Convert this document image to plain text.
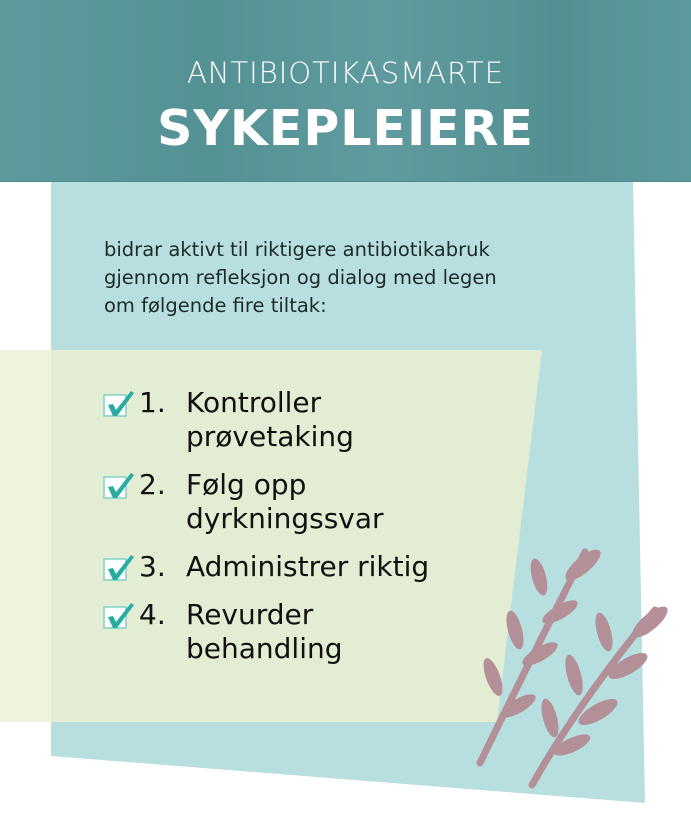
ANTIBIOTIKASMARTE
SYKEPLEIERE
bidrar aktivt til riktigere antibiotikabruk
gjennom refleksjon og dialog med legen
om følgende fire tiltak:
1. Kontroller
prøvetaking
2. Følg opp
dyrkningssvar
3. Administrer riktig
4. Revurder
behandling
